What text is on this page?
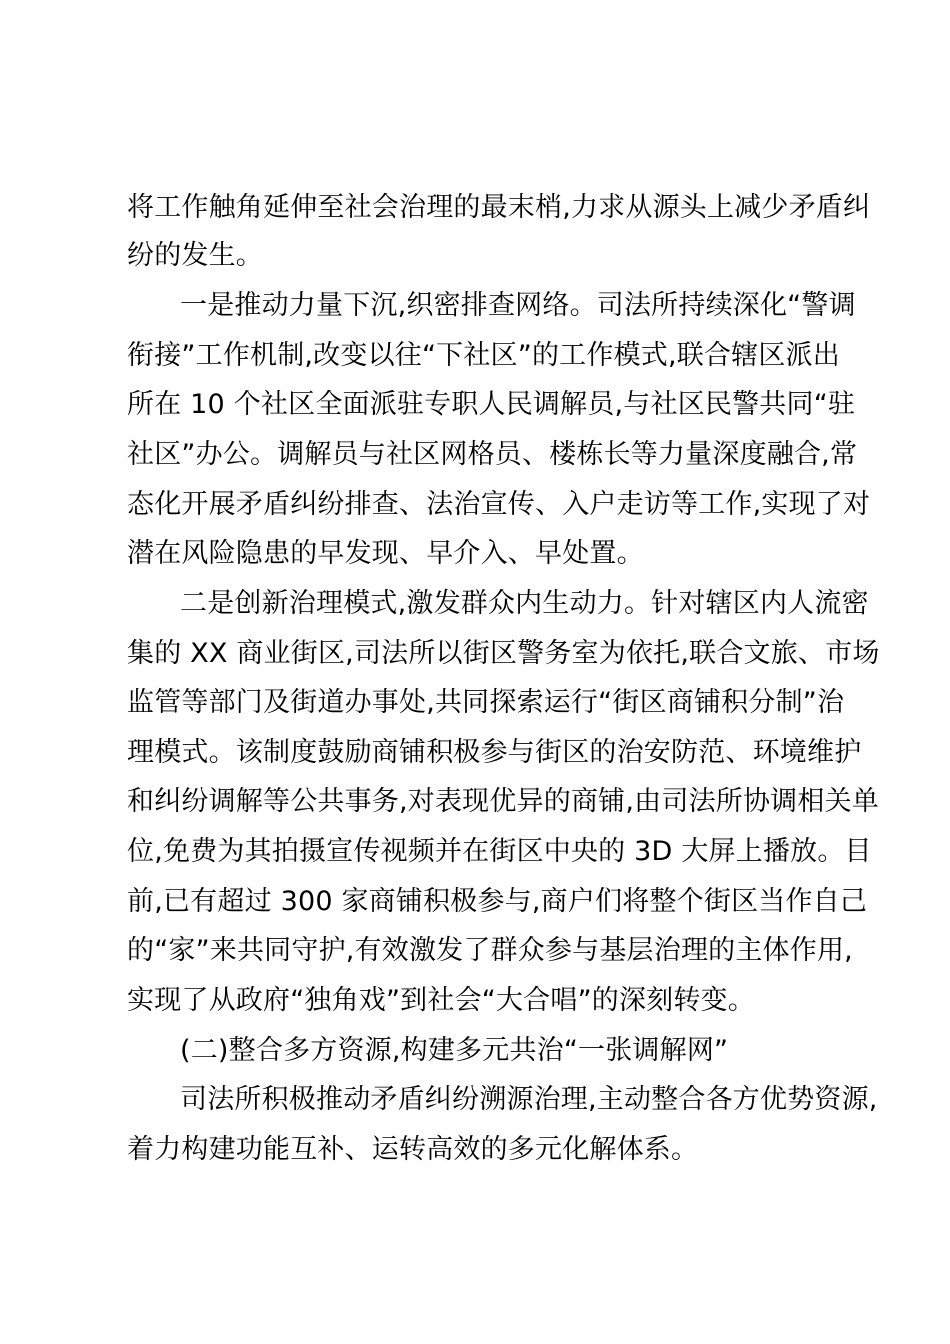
将工作触角延伸至社会治理的最末梢,力求从源头上减少矛盾纠
纷的发生。
一是推动力量下沉,织密排查网络。司法所持续深化“警调
衔接”工作机制,改变以往“下社区”的工作模式,联合辖区派出
所在 10 个社区全面派驻专职人民调解员,与社区民警共同“驻
社区”办公。调解员与社区网格员、楼栋长等力量深度融合,常
态化开展矛盾纠纷排查、法治宣传、入户走访等工作,实现了对
潜在风险隐患的早发现、早介入、早处置。
二是创新治理模式,激发群众内生动力。针对辖区内人流密
集的 XX 商业街区,司法所以街区警务室为依托,联合文旅、市场
监管等部门及街道办事处,共同探索运行“街区商铺积分制”治
理模式。该制度鼓励商铺积极参与街区的治安防范、环境维护
和纠纷调解等公共事务,对表现优异的商铺,由司法所协调相关单
位,免费为其拍摄宣传视频并在街区中央的 3D 大屏上播放。目
前,已有超过 300 家商铺积极参与,商户们将整个街区当作自己
的“家”来共同守护,有效激发了群众参与基层治理的主体作用,
实现了从政府“独角戏”到社会“大合唱”的深刻转变。
(二)整合多方资源,构建多元共治“一张调解网”
司法所积极推动矛盾纠纷溯源治理,主动整合各方优势资源,
着力构建功能互补、运转高效的多元化解体系。
